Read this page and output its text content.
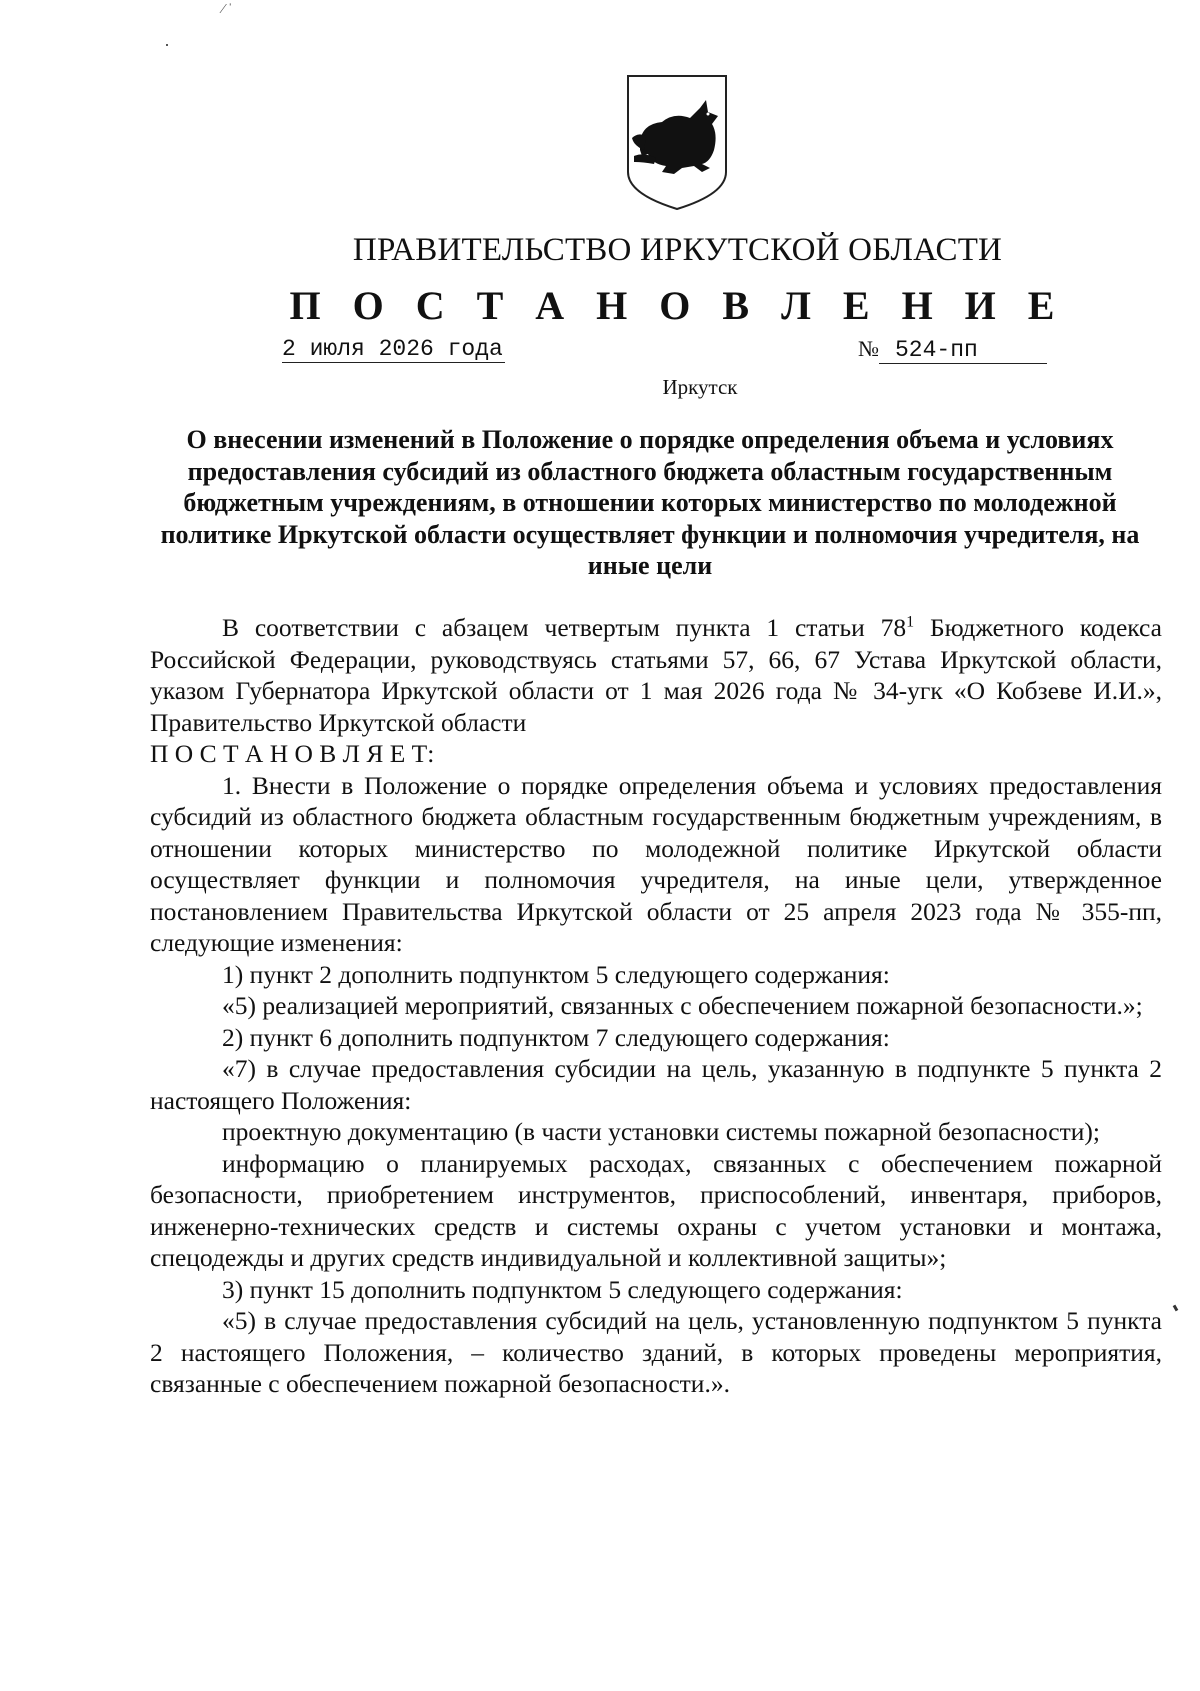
⁄ ˈ
ПРАВИТЕЛЬСТВО ИРКУТСКОЙ ОБЛАСТИ
П О С Т А Н О В Л Е Н И Е
2 июля 2026 года	№ 524-пп
Иркутск
О внесении изменений в Положение о порядке определения объема и условиях предоставления субсидий из областного бюджета областным государственным бюджетным учреждениям, в отношении которых министерство по молодежной политике Иркутской области осуществляет функции и полномочия учредителя, на иные цели

В соответствии с абзацем четвертым пункта 1 статьи $78^1$ Бюджетного кодекса Российской Федерации, руководствуясь статьями 57, 66, 67 Устава Иркутской области, указом Губернатора Иркутской области от 1 мая 2026 года № 34-угк «О Кобзеве И.И.», Правительство Иркутской области

П О С Т А Н О В Л Я Е Т:

1. Внести в Положение о порядке определения объема и условиях предоставления субсидий из областного бюджета областным государственным бюджетным учреждениям, в отношении которых министерство по молодежной политике Иркутской области осуществляет функции и полномочия учредителя, на иные цели, утвержденное постановлением Правительства Иркутской области от 25 апреля 2023 года № 355-пп, следующие изменения:

1) пункт 2 дополнить подпунктом 5 следующего содержания:

«5) реализацией мероприятий, связанных с обеспечением пожарной безопасности.»;

2) пункт 6 дополнить подпунктом 7 следующего содержания:

«7) в случае предоставления субсидии на цель, указанную в подпункте 5 пункта 2 настоящего Положения:

проектную документацию (в части установки системы пожарной безопасности);

информацию о планируемых расходах, связанных с обеспечением пожарной безопасности, приобретением инструментов, приспособлений, инвентаря, приборов, инженерно-технических средств и системы охраны с учетом установки и монтажа, спецодежды и других средств индивидуальной и коллективной защиты»;

3) пункт 15 дополнить подпунктом 5 следующего содержания:

«5) в случае предоставления субсидий на цель, установленную подпунктом 5 пункта 2 настоящего Положения, – количество зданий, в которых проведены мероприятия, связанные с обеспечением пожарной безопасности.».
